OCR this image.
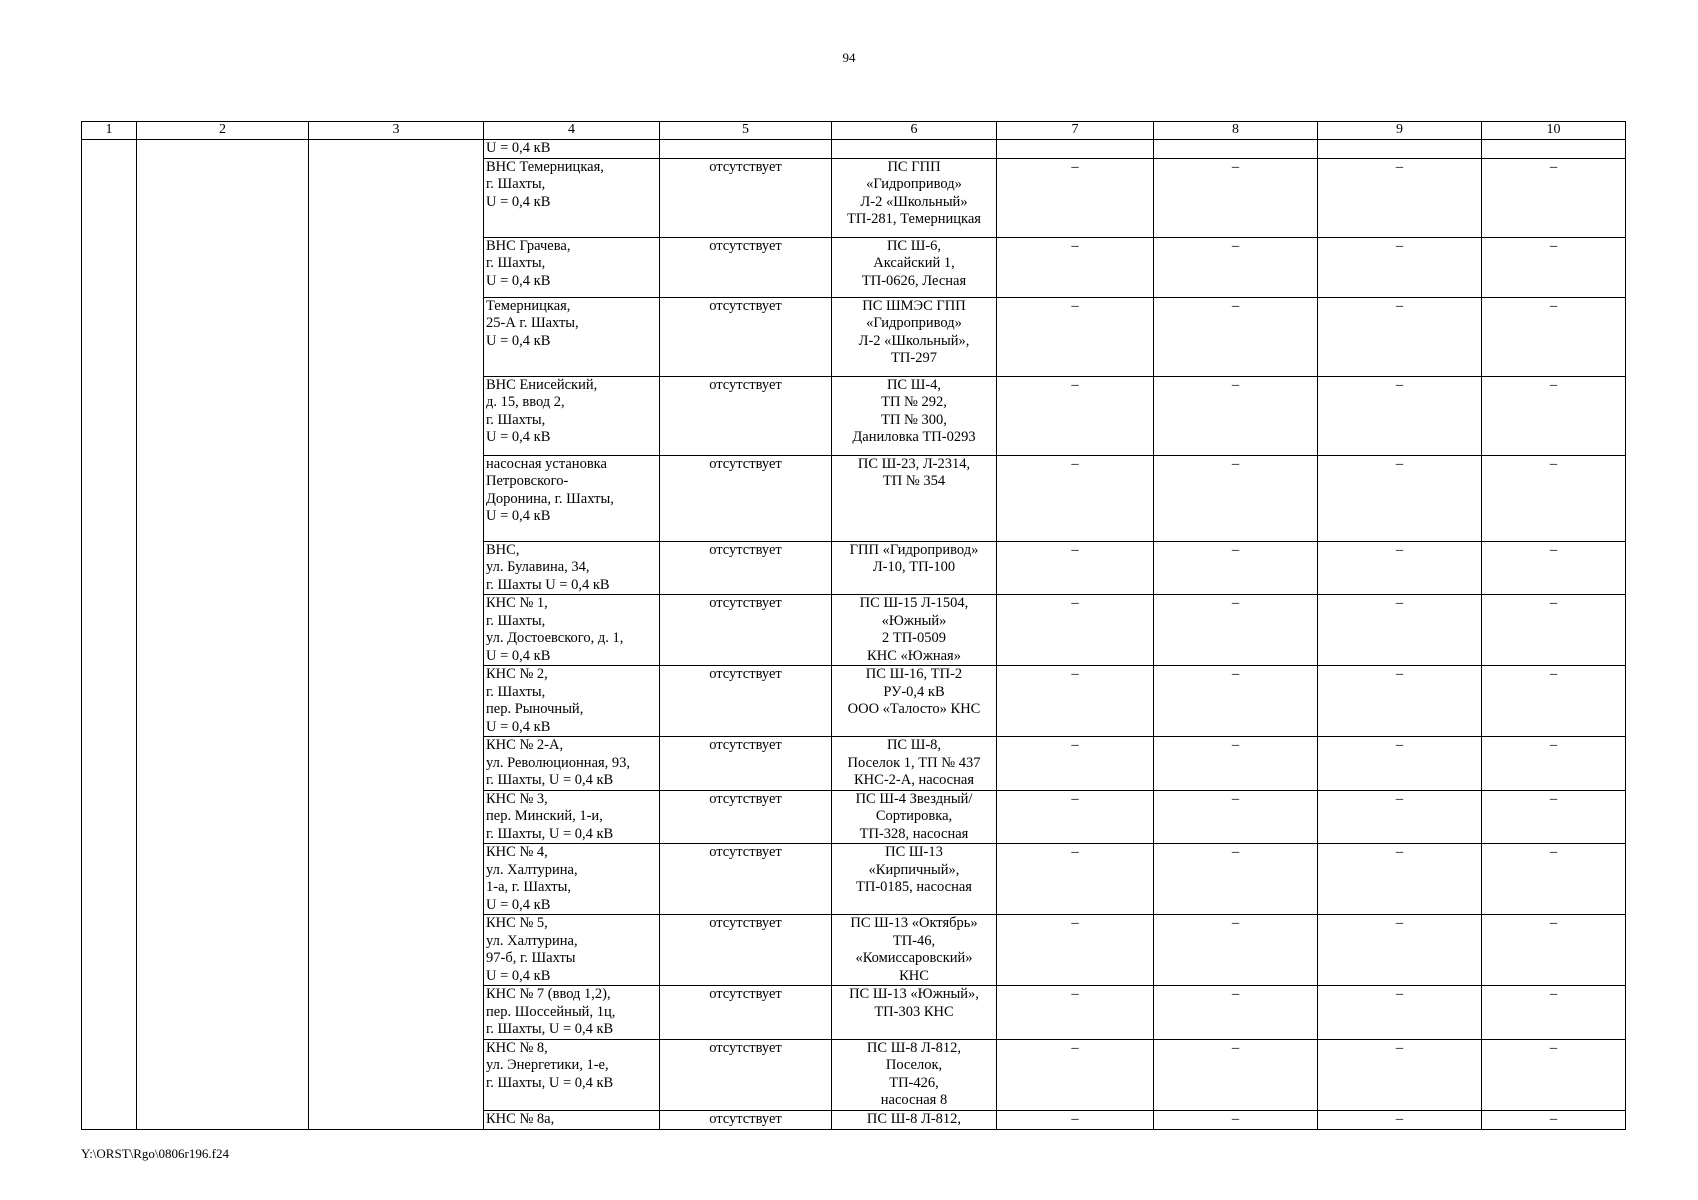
94
1	2	3	4	5	6	7	8	9	10

			U = 0,4 кВ						

			ВНС Темерницкая,
г. Шахты,
U = 0,4 кВ	отсутствует	ПС ГПП
«Гидропривод»
Л-2 «Школьный»
ТП-281, Темерницкая	–	–	–	–

			ВНС Грачева,
г. Шахты,
U = 0,4 кВ	отсутствует	ПС Ш-6,
Аксайский 1,
ТП-0626, Лесная	–	–	–	–

			Темерницкая,
25-А г. Шахты,
U = 0,4 кВ	отсутствует	ПС ШМЭС ГПП
«Гидропривод»
Л-2 «Школьный»,
ТП-297	–	–	–	–

			ВНС Енисейский,
д. 15, ввод 2,
г. Шахты,
U = 0,4 кВ	отсутствует	ПС Ш-4,
ТП № 292,
ТП № 300,
Даниловка ТП-0293	–	–	–	–

			насосная установка
Петровского-
Доронина, г. Шахты,
U = 0,4 кВ	отсутствует	ПС Ш-23, Л-2314,
ТП № 354	–	–	–	–

			ВНС,
ул. Булавина, 34,
г. Шахты U = 0,4 кВ	отсутствует	ГПП «Гидропривод»
Л-10, ТП-100	–	–	–	–

			КНС № 1,
г. Шахты,
ул. Достоевского, д. 1,
U = 0,4 кВ	отсутствует	ПС Ш-15 Л-1504,
«Южный»
2 ТП-0509
КНС «Южная»	–	–	–	–

			КНС № 2,
г. Шахты,
пер. Рыночный,
U = 0,4 кВ	отсутствует	ПС Ш-16, ТП-2
РУ-0,4 кВ
ООО «Талосто» КНС	–	–	–	–

			КНС № 2-А,
ул. Революционная, 93,
г. Шахты, U = 0,4 кВ	отсутствует	ПС Ш-8,
Поселок 1, ТП № 437
КНС-2-А, насосная	–	–	–	–

			КНС № 3,
пер. Минский, 1-и,
г. Шахты, U = 0,4 кВ	отсутствует	ПС Ш-4 Звездный/
Сортировка,
ТП-328, насосная	–	–	–	–

			КНС № 4,
ул. Халтурина,
1-а, г. Шахты,
U = 0,4 кВ	отсутствует	ПС Ш-13
«Кирпичный»,
ТП-0185, насосная	–	–	–	–

			КНС № 5,
ул. Халтурина,
97-б, г. Шахты
U = 0,4 кВ	отсутствует	ПС Ш-13 «Октябрь»
ТП-46,
«Комиссаровский»
КНС	–	–	–	–

			КНС № 7 (ввод 1,2),
пер. Шоссейный, 1ц,
г. Шахты, U = 0,4 кВ	отсутствует	ПС Ш-13 «Южный»,
ТП-303 КНС	–	–	–	–

			КНС № 8,
ул. Энергетики, 1-е,
г. Шахты, U = 0,4 кВ	отсутствует	ПС Ш-8 Л-812,
Поселок,
ТП-426,
насосная 8	–	–	–	–

			КНС № 8а,	отсутствует	ПС Ш-8 Л-812,	–	–	–	–
Y:\ORST\Rgo\0806r196.f24
